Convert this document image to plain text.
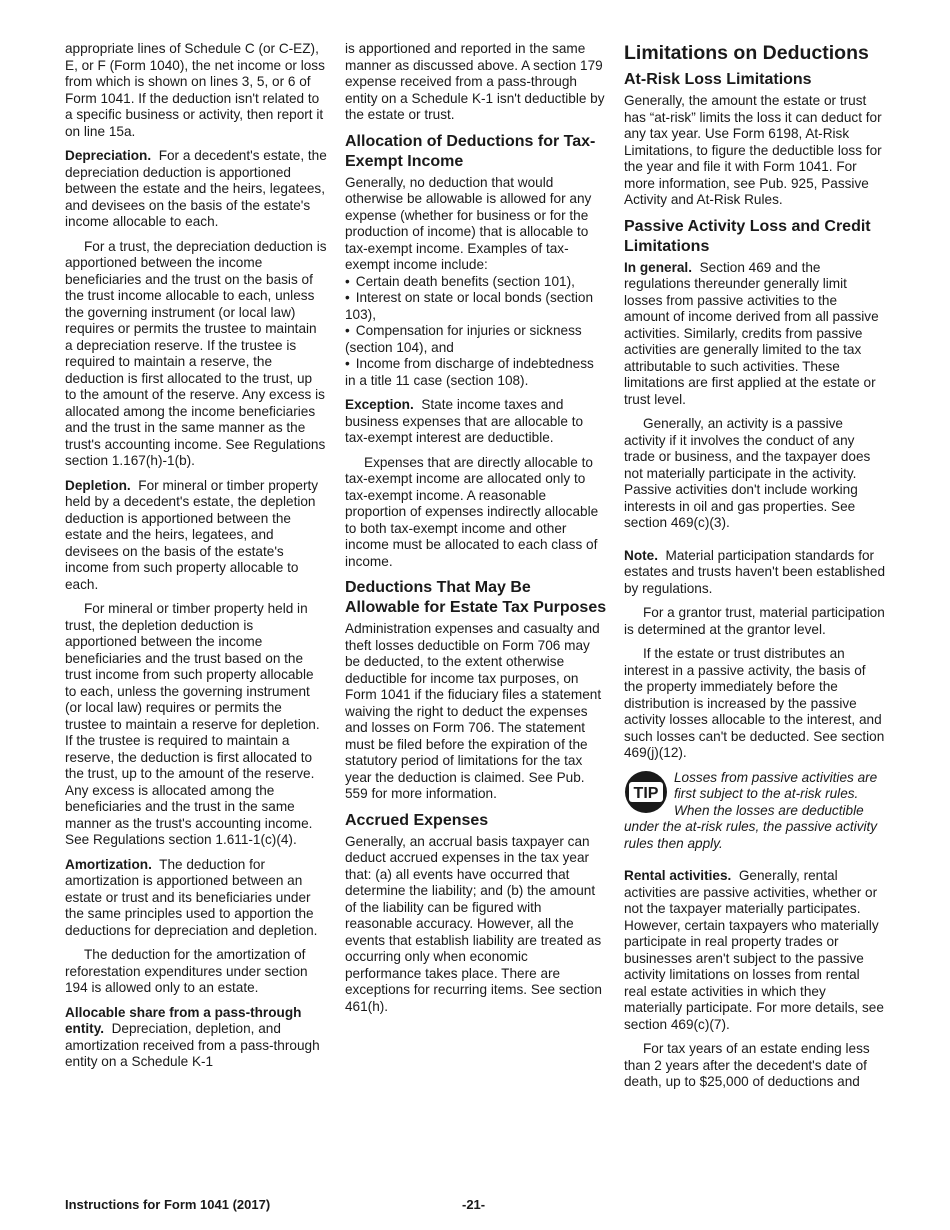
appropriate lines of Schedule C (or C-EZ), E, or F (Form 1040), the net income or loss from which is shown on lines 3, 5, or 6 of Form 1041. If the deduction isn't related to a specific business or activity, then report it on line 15a.

Depreciation. For a decedent's estate, the depreciation deduction is apportioned between the estate and the heirs, legatees, and devisees on the basis of the estate's income allocable to each.

For a trust, the depreciation deduction is apportioned between the income beneficiaries and the trust on the basis of the trust income allocable to each, unless the governing instrument (or local law) requires or permits the trustee to maintain a depreciation reserve. If the trustee is required to maintain a reserve, the deduction is first allocated to the trust, up to the amount of the reserve. Any excess is allocated among the income beneficiaries and the trust in the same manner as the trust's accounting income. See Regulations section 1.167(h)-1(b).

Depletion. For mineral or timber property held by a decedent's estate, the depletion deduction is apportioned between the estate and the heirs, legatees, and devisees on the basis of the estate's income from such property allocable to each.

For mineral or timber property held in trust, the depletion deduction is apportioned between the income beneficiaries and the trust based on the trust income from such property allocable to each, unless the governing instrument (or local law) requires or permits the trustee to maintain a reserve for depletion. If the trustee is required to maintain a reserve, the deduction is first allocated to the trust, up to the amount of the reserve. Any excess is allocated among the beneficiaries and the trust in the same manner as the trust's accounting income. See Regulations section 1.611-1(c)(4).

Amortization. The deduction for amortization is apportioned between an estate or trust and its beneficiaries under the same principles used to apportion the deductions for depreciation and depletion.

The deduction for the amortization of reforestation expenditures under section 194 is allowed only to an estate.

Allocable share from a pass-through entity. Depreciation, depletion, and amortization received from a pass-through entity on a Schedule K-1

is apportioned and reported in the same manner as discussed above. A section 179 expense received from a pass-through entity on a Schedule K-1 isn't deductible by the estate or trust.

Allocation of Deductions for Tax-Exempt Income

Generally, no deduction that would otherwise be allowable is allowed for any expense (whether for business or for the production of income) that is allocable to tax-exempt income. Examples of tax-exempt income include:

• Certain death benefits (section 101),
• Interest on state or local bonds (section 103),
• Compensation for injuries or sickness (section 104), and
• Income from discharge of indebtedness in a title 11 case (section 108).

Exception. State income taxes and business expenses that are allocable to tax-exempt interest are deductible.

Expenses that are directly allocable to tax-exempt income are allocated only to tax-exempt income. A reasonable proportion of expenses indirectly allocable to both tax-exempt income and other income must be allocated to each class of income.

Deductions That May Be Allowable for Estate Tax Purposes

Administration expenses and casualty and theft losses deductible on Form 706 may be deducted, to the extent otherwise deductible for income tax purposes, on Form 1041 if the fiduciary files a statement waiving the right to deduct the expenses and losses on Form 706. The statement must be filed before the expiration of the statutory period of limitations for the tax year the deduction is claimed. See Pub. 559 for more information.

Accrued Expenses

Generally, an accrual basis taxpayer can deduct accrued expenses in the tax year that: (a) all events have occurred that determine the liability; and (b) the amount of the liability can be figured with reasonable accuracy. However, all the events that establish liability are treated as occurring only when economic performance takes place. There are exceptions for recurring items. See section 461(h).

Limitations on Deductions
At-Risk Loss Limitations

Generally, the amount the estate or trust has “at-risk” limits the loss it can deduct for any tax year. Use Form 6198, At-Risk Limitations, to figure the deductible loss for the year and file it with Form 1041. For more information, see Pub. 925, Passive Activity and At-Risk Rules.

Passive Activity Loss and Credit Limitations

In general. Section 469 and the regulations thereunder generally limit losses from passive activities to the amount of income derived from all passive activities. Similarly, credits from passive activities are generally limited to the tax attributable to such activities. These limitations are first applied at the estate or trust level.

Generally, an activity is a passive activity if it involves the conduct of any trade or business, and the taxpayer does not materially participate in the activity. Passive activities don't include working interests in oil and gas properties. See section 469(c)(3).

Note. Material participation standards for estates and trusts haven't been established by regulations.

For a grantor trust, material participation is determined at the grantor level.

If the estate or trust distributes an interest in a passive activity, the basis of the property immediately before the distribution is increased by the passive activity losses allocable to the interest, and such losses can't be deducted. See section 469(j)(12).

TIP
Losses from passive activities are first subject to the at-risk rules. When the losses are deductible under the at-risk rules, the passive activity rules then apply.

Rental activities. Generally, rental activities are passive activities, whether or not the taxpayer materially participates. However, certain taxpayers who materially participate in real property trades or businesses aren't subject to the passive activity limitations on losses from rental real estate activities in which they materially participate. For more details, see section 469(c)(7).

For tax years of an estate ending less than 2 years after the decedent's date of death, up to $25,000 of deductions and

Instructions for Form 1041 (2017)	-21-
